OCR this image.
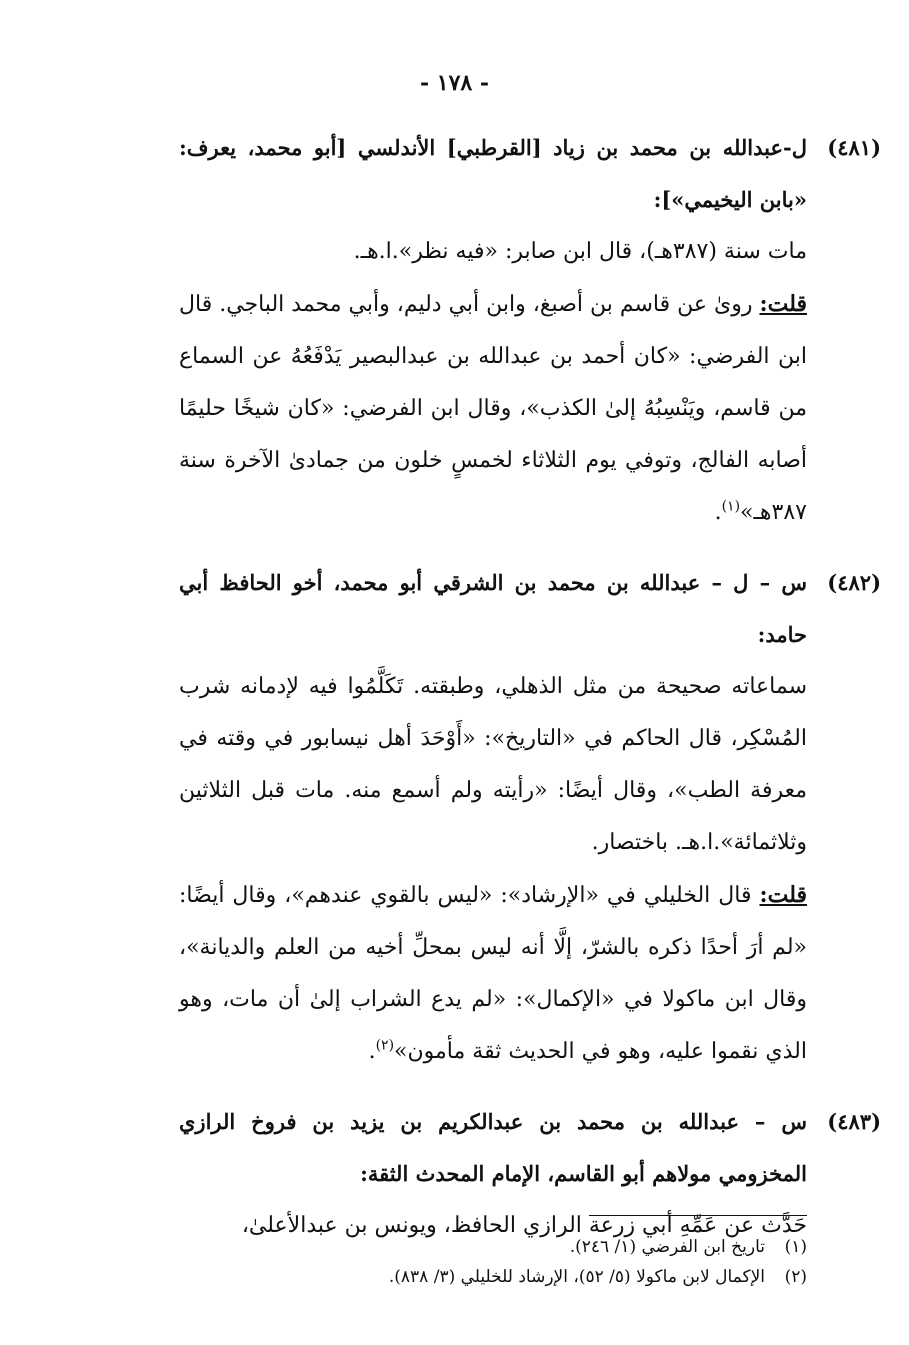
- ١٧٨ -
(٤٨١)
ل-عبدالله بن محمد بن زياد [القرطبي] الأندلسي [أبو محمد، يعرف: «بابن اليخيمي»]:

مات سنة (٣٨٧هـ)، قال ابن صابر: «فيه نظر».ا.هـ.

قلت: روىٰ عن قاسم بن أصبغ، وابن أبي دليم، وأبي محمد الباجي. قال ابن الفرضي: «كان أحمد بن عبدالله بن عبدالبصير يَدْفَعُهُ عن السماع من قاسم، ويَنْسِبُهُ إلىٰ الكذب»، وقال ابن الفرضي: «كان شيخًا حليمًا أصابه الفالج، وتوفي يوم الثلاثاء لخمسٍ خلون من جمادىٰ الآخرة سنة ٣٨٧هـ»$^{(١)}$.

(٤٨٢)
س – ل – عبدالله بن محمد بن الشرقي أبو محمد، أخو الحافظ أبي حامد:

سماعاته صحيحة من مثل الذهلي، وطبقته. تَكَلَّمُوا فيه لإدمانه شرب المُسْكِر، قال الحاكم في «التاريخ»: «أَوْحَدَ أهل نيسابور في وقته في معرفة الطب»، وقال أيضًا: «رأيته ولم أسمع منه. مات قبل الثلاثين وثلاثمائة».ا.هـ. باختصار.

قلت: قال الخليلي في «الإرشاد»: «ليس بالقوي عندهم»، وقال أيضًا: «لم أرَ أحدًا ذكره بالشرّ، إلَّا أنه ليس بمحلِّ أخيه من العلم والديانة»، وقال ابن ماكولا في «الإكمال»: «لم يدع الشراب إلىٰ أن مات، وهو الذي نقموا عليه، وهو في الحديث ثقة مأمون»$^{(٢)}$.

(٤٨٣)
س – عبدالله بن محمد بن عبدالكريم بن يزيد بن فروخ الرازي المخزومي مولاهم أبو القاسم، الإمام المحدث الثقة:

حَدَّث عن عَمِّهِ أبي زرعة الرازي الحافظ، ويونس بن عبدالأعلىٰ،

(١)تاريخ ابن الفرضي (١/ ٢٤٦).
(٢)الإكمال لابن ماكولا (٥/ ٥٢)، الإرشاد للخليلي (٣/ ٨٣٨).
